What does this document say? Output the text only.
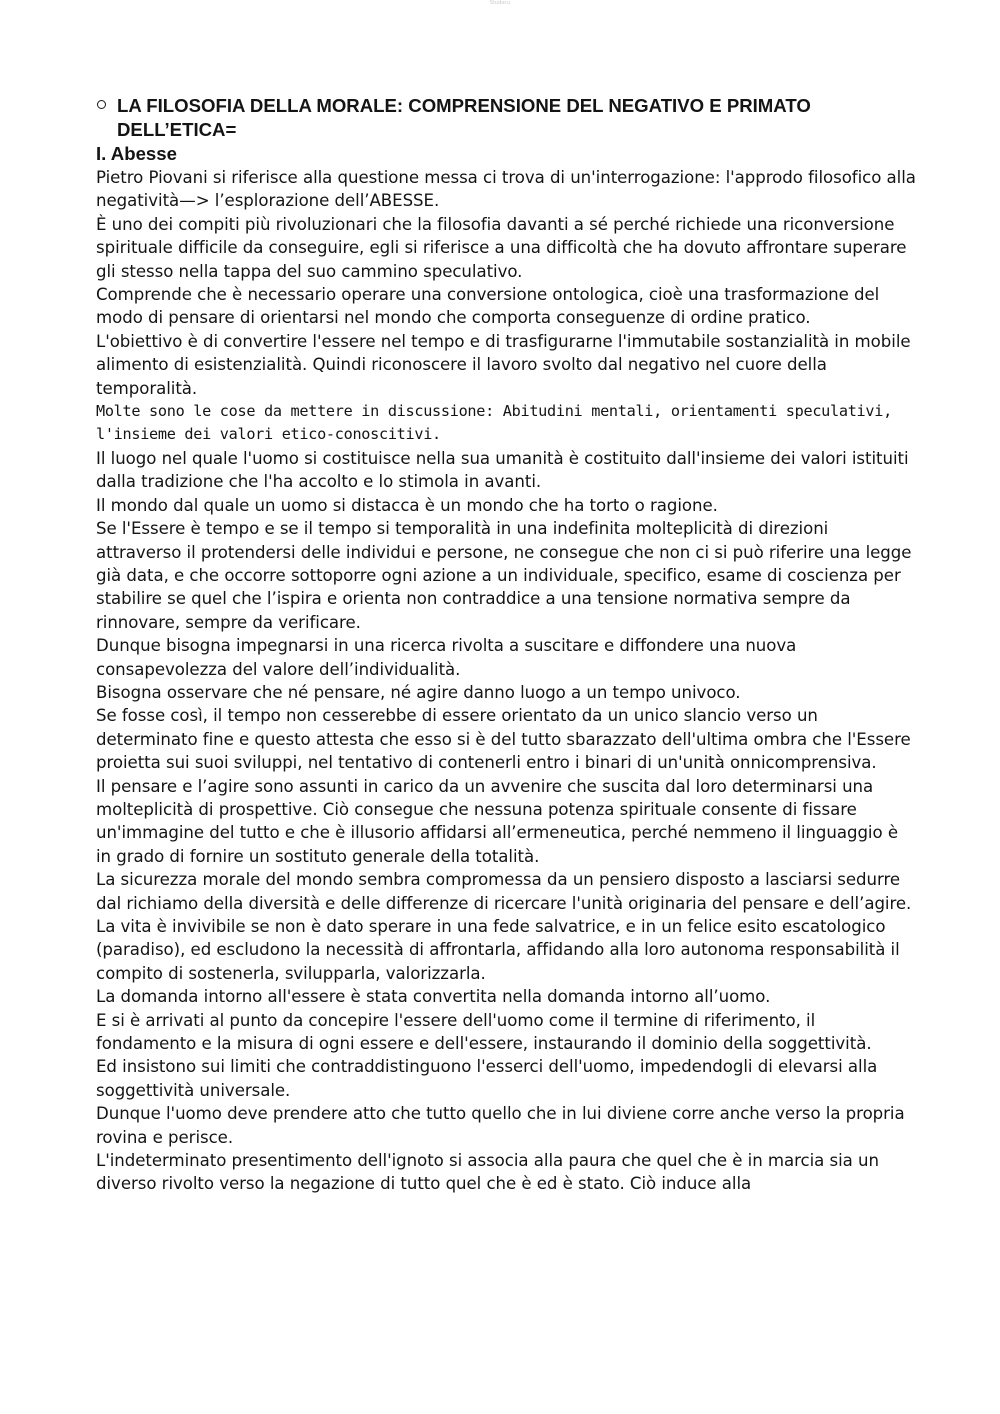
Studocu
LA FILOSOFIA DELLA MORALE: COMPRENSIONE DEL NEGATIVO E PRIMATO DELL’ETICA=

I. Abesse

Pietro Piovani si riferisce alla questione messa ci trova di un'interrogazione: l'approdo filosofico alla negatività—> l’esplorazione dell’ABESSE.

È uno dei compiti più rivoluzionari che la filosofia davanti a sé perché richiede una riconversione spirituale difficile da conseguire, egli si riferisce a una difficoltà che ha dovuto affrontare superare gli stesso nella tappa del suo cammino speculativo.

Comprende che è necessario operare una conversione ontologica, cioè una trasformazione del modo di pensare di orientarsi nel mondo che comporta conseguenze di ordine pratico.

L'obiettivo è di convertire l'essere nel tempo e di trasfigurarne l'immutabile sostanzialità in mobile alimento di esistenzialità. Quindi riconoscere il lavoro svolto dal negativo nel cuore della temporalità.

Molte sono le cose da mettere in discussione: Abitudini mentali, orientamenti speculativi, l'insieme dei valori etico-conoscitivi.

Il luogo nel quale l'uomo si costituisce nella sua umanità è costituito dall'insieme dei valori istituiti dalla tradizione che l'ha accolto e lo stimola in avanti.

Il mondo dal quale un uomo si distacca è un mondo che ha torto o ragione.

Se l'Essere è tempo e se il tempo si temporalità in una indefinita molteplicità di direzioni attraverso il protendersi delle individui e persone, ne consegue che non ci si può riferire una legge già data, e che occorre sottoporre ogni azione a un individuale, specifico, esame di coscienza per stabilire se quel che l’ispira e orienta non contraddice a una tensione normativa sempre da rinnovare, sempre da verificare.

Dunque bisogna impegnarsi in una ricerca rivolta a suscitare e diffondere una nuova consapevolezza del valore dell’individualità.

Bisogna osservare che né pensare, né agire danno luogo a un tempo univoco.

Se fosse così, il tempo non cesserebbe di essere orientato da un unico slancio verso un determinato fine e questo attesta che esso si è del tutto sbarazzato dell'ultima ombra che l'Essere proietta sui suoi sviluppi, nel tentativo di contenerli entro i binari di un'unità onnicomprensiva.

Il pensare e l’agire sono assunti in carico da un avvenire che suscita dal loro determinarsi una molteplicità di prospettive. Ciò consegue che nessuna potenza spirituale consente di fissare un'immagine del tutto e che è illusorio affidarsi all’ermeneutica, perché nemmeno il linguaggio è in grado di fornire un sostituto generale della totalità.

La sicurezza morale del mondo sembra compromessa da un pensiero disposto a lasciarsi sedurre dal richiamo della diversità e delle differenze di ricercare l'unità originaria del pensare e dell’agire.

La vita è invivibile se non è dato sperare in una fede salvatrice, e in un felice esito escatologico (paradiso), ed escludono la necessità di affrontarla, affidando alla loro autonoma responsabilità il compito di sostenerla, svilupparla, valorizzarla.

La domanda intorno all'essere è stata convertita nella domanda intorno all’uomo.

E si è arrivati al punto da concepire l'essere dell'uomo come il termine di riferimento, il fondamento e la misura di ogni essere e dell'essere, instaurando il dominio della soggettività.

Ed insistono sui limiti che contraddistinguono l'esserci dell'uomo, impedendogli di elevarsi alla soggettività universale.

Dunque l'uomo deve prendere atto che tutto quello che in lui diviene corre anche verso la propria rovina e perisce.

L'indeterminato presentimento dell'ignoto si associa alla paura che quel che è in marcia sia un diverso rivolto verso la negazione di tutto quel che è ed è stato. Ciò induce alla
